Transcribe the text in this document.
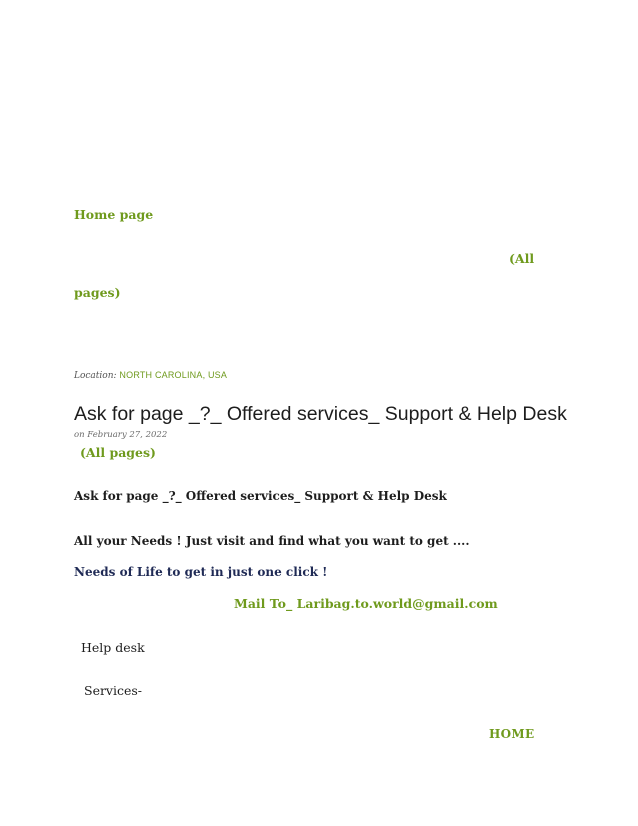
Home page
(All
pages)
Location: NORTH CAROLINA, USA
Ask for page _?_ Offered services_ Support & Help Desk
on February 27, 2022
(All pages)
Ask for page _?_ Offered services_ Support & Help Desk
All your Needs ! Just visit and find what you want to get ....
Needs of Life to get in just one click !
Mail To_ Laribag.to.world@gmail.com
Help desk
Services-
HOME
